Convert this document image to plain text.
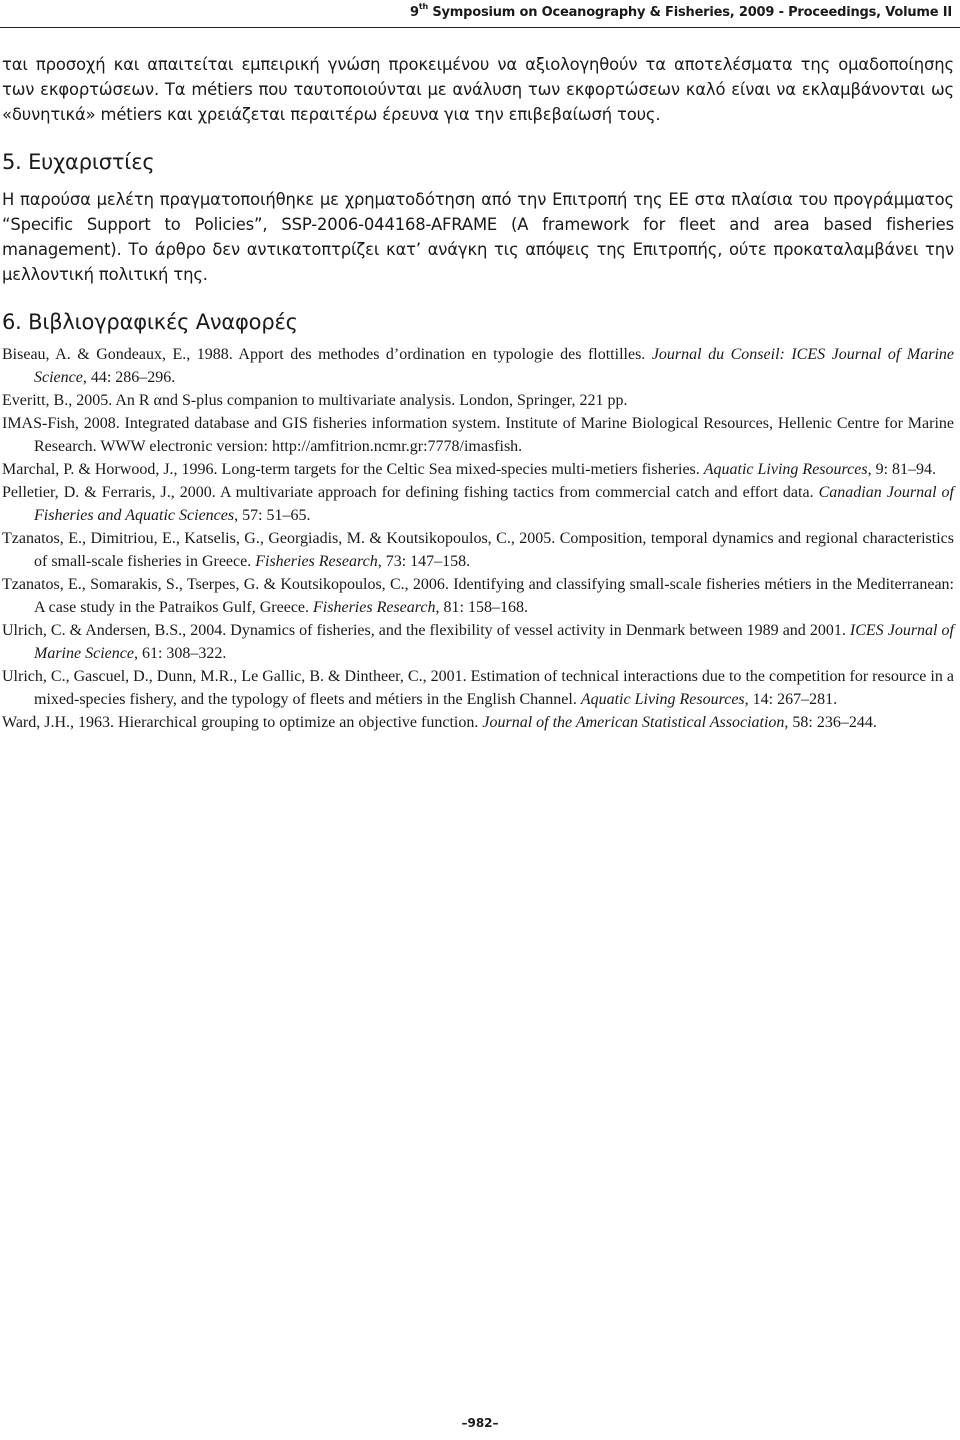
9th Symposium on Oceanography & Fisheries, 2009 - Proceedings, Volume II

ται προσοχή και απαιτείται εμπειρική γνώση προκειμένου να αξιολογηθούν τα αποτελέσματα της ομαδοποίησης των εκφορτώσεων. Τα métiers που ταυτοποιούνται με ανάλυση των εκφορτώσεων καλό είναι να εκλαμβάνονται ως «δυνητικά» métiers και χρειάζεται περαιτέρω έρευνα για την επιβεβαίωσή τους.

5. Ευχαριστίες

Η παρούσα μελέτη πραγματοποιήθηκε με χρηματοδότηση από την Επιτροπή της ΕΕ στα πλαίσια του προγράμματος “Specific Support to Policies”, SSP-2006-044168-AFRAME (A framework for fleet and area based fisheries management). Το άρθρο δεν αντικατοπτρίζει κατ’ ανάγκη τις απόψεις της Επιτροπής, ούτε προκαταλαμβάνει την μελλοντική πολιτική της.

6. Βιβλιογραφικές Αναφορές
Biseau, A. & Gondeaux, E., 1988. Apport des methodes d’ordination en typologie des flottilles. Journal du Conseil: ICES Journal of Marine Science, 44: 286–296.
Everitt, B., 2005. An R αnd S-plus companion to multivariate analysis. London, Springer, 221 pp.
IMAS-Fish, 2008. Integrated database and GIS fisheries information system. Institute of Marine Biological Resources, Hellenic Centre for Marine Research. WWW electronic version: http://amfitrion.ncmr.gr:7778/imasfish.
Marchal, P. & Horwood, J., 1996. Long-term targets for the Celtic Sea mixed-species multi-metiers fisheries. Aquatic Living Resources, 9: 81–94.
Pelletier, D. & Ferraris, J., 2000. A multivariate approach for defining fishing tactics from commercial catch and effort data. Canadian Journal of Fisheries and Aquatic Sciences, 57: 51–65.
Tzanatos, E., Dimitriou, E., Katselis, G., Georgiadis, M. & Koutsikopoulos, C., 2005. Composition, temporal dynamics and regional characteristics of small-scale fisheries in Greece. Fisheries Research, 73: 147–158.
Tzanatos, E., Somarakis, S., Tserpes, G. & Koutsikopoulos, C., 2006. Identifying and classifying small-scale fisheries métiers in the Mediterranean: A case study in the Patraikos Gulf, Greece. Fisheries Research, 81: 158–168.
Ulrich, C. & Andersen, B.S., 2004. Dynamics of fisheries, and the flexibility of vessel activity in Denmark between 1989 and 2001. ICES Journal of Marine Science, 61: 308–322.
Ulrich, C., Gascuel, D., Dunn, M.R., Le Gallic, B. & Dintheer, C., 2001. Estimation of technical interactions due to the competition for resource in a mixed-species fishery, and the typology of fleets and métiers in the English Channel. Aquatic Living Resources, 14: 267–281.
Ward, J.H., 1963. Hierarchical grouping to optimize an objective function. Journal of the American Statistical Association, 58: 236–244.
–982–
